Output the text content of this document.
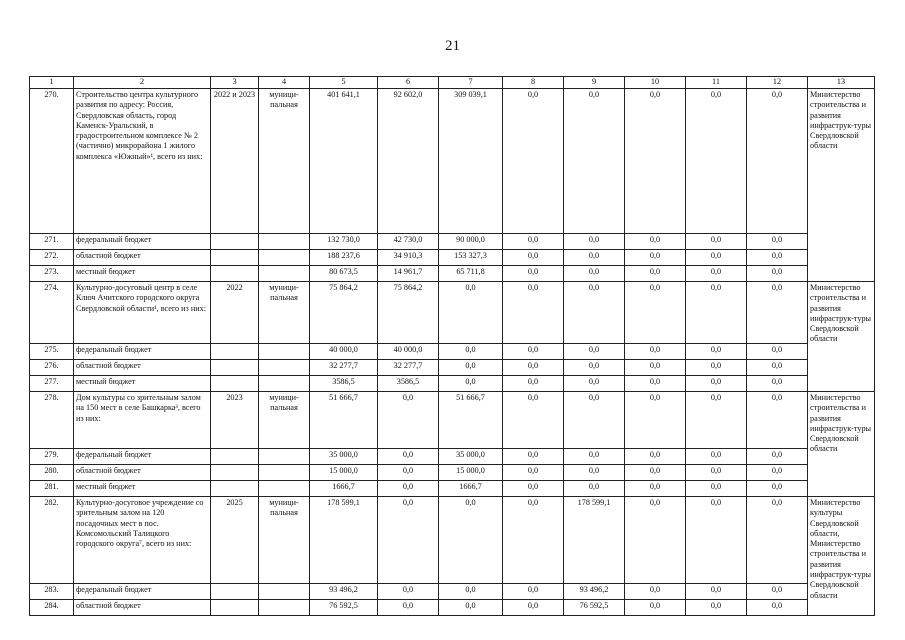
21
1	2	3	4	5	6	7	8	9	10	11	12	13
270.	Строительство центра культурного развития по адресу: Россия, Свердловская область, город Каменск-Уральский, в градостроительном комплексе № 2 (частично) микрорайона 1 жилого комплекса «Южный»¹, всего из них:	2022 и 2023	муници-пальная	401 641,1	92 602,0	309 039,1	0,0	0,0	0,0	0,0	0,0	Министерство строительства и развития инфраструк-туры Свердловской области
271.	федеральный бюджет			132 730,0	42 730,0	90 000,0	0,0	0,0	0,0	0,0	0,0	
272.	областной бюджет			188 237,6	34 910,3	153 327,3	0,0	0,0	0,0	0,0	0,0	
273.	местный бюджет			80 673,5	14 961,7	65 711,8	0,0	0,0	0,0	0,0	0,0	
274.	Культурно-досуговый центр в селе Ключ Ачитского городского округа Свердловской области¹, всего из них:	2022	муници-пальная	75 864,2	75 864,2	0,0	0,0	0,0	0,0	0,0	0,0	Министерство строительства и развития инфраструк-туры Свердловской области
275.	федеральный бюджет			40 000,0	40 000,0	0,0	0,0	0,0	0,0	0,0	0,0	
276.	областной бюджет			32 277,7	32 277,7	0,0	0,0	0,0	0,0	0,0	0,0	
277.	местный бюджет			3586,5	3586,5	0,0	0,0	0,0	0,0	0,0	0,0	
278.	Дом культуры со зрительным залом на 150 мест в селе Башкарка³, всего из них:	2023	муници-пальная	51 666,7	0,0	51 666,7	0,0	0,0	0,0	0,0	0,0	Министерство строительства и развития инфраструк-туры Свердловской области
279.	федеральный бюджет			35 000,0	0,0	35 000,0	0,0	0,0	0,0	0,0	0,0	
280.	областной бюджет			15 000,0	0,0	15 000,0	0,0	0,0	0,0	0,0	0,0	
281.	местный бюджет			1666,7	0,0	1666,7	0,0	0,0	0,0	0,0	0,0	
282.	Культурно-досуговое учреждение со зрительным залом на 120 посадочных мест в пос. Комсомольский Талицкого городского округа⁷, всего из них:	2025	муници-пальная	178 599,1	0,0	0,0	0,0	178 599,1	0,0	0,0	0,0	Министерство культуры Свердловской области, Министерство строительства и развития инфраструк-туры Свердловской области
283.	федеральный бюджет			93 496,2	0,0	0,0	0,0	93 496,2	0,0	0,0	0,0	
284.	областной бюджет			76 592,5	0,0	0,0	0,0	76 592,5	0,0	0,0	0,0	
